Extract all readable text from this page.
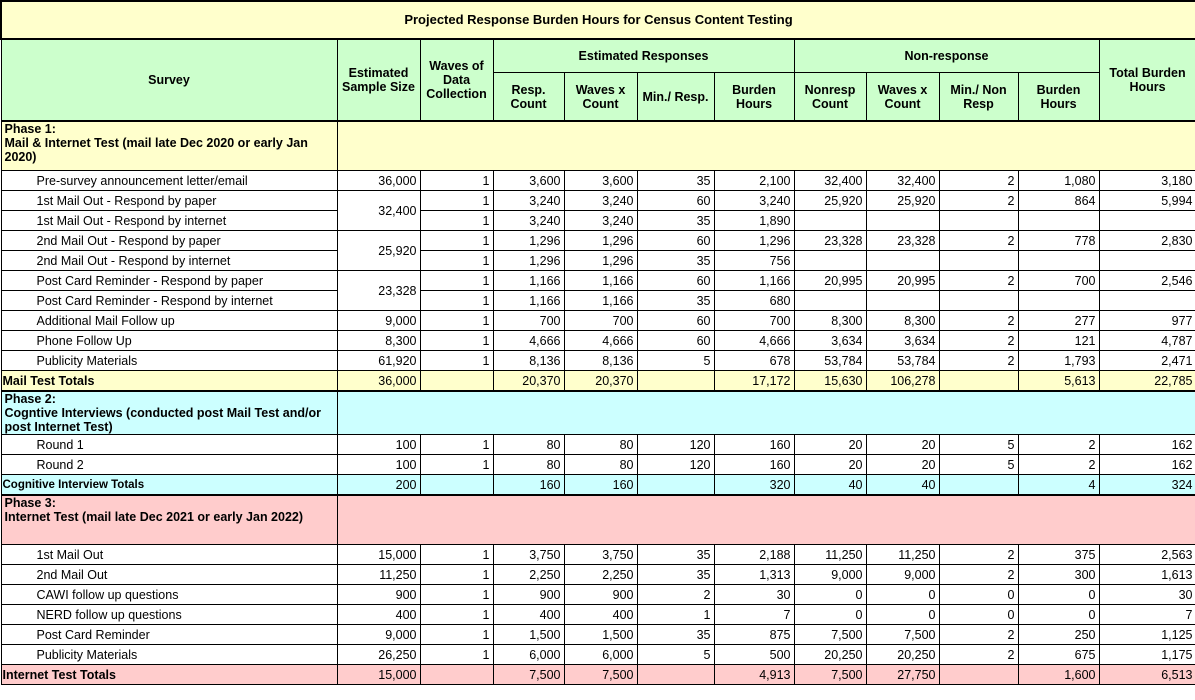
Projected Response Burden Hours for Census Content Testing											
Survey	Estimated Sample Size	Waves of Data Collection	Estimated Responses				Non-response				Total Burden Hours
			Resp. Count	Waves x Count	Min./ Resp.	Burden Hours	Nonresp Count	Waves x Count	Min./ Non Resp	Burden Hours	
Phase 1:
Mail & Internet Test (mail late Dec 2020 or early Jan 2020)											
Pre-survey announcement letter/email	36,000	1	3,600	3,600	35	2,100	32,400	32,400	2	1,080	3,180
1st Mail Out - Respond by paper	32,400	1	3,240	3,240	60	3,240	25,920	25,920	2	864	5,994
1st Mail Out - Respond by internet		1	3,240	3,240	35	1,890					
2nd Mail Out - Respond by paper	25,920	1	1,296	1,296	60	1,296	23,328	23,328	2	778	2,830
2nd Mail Out - Respond by internet		1	1,296	1,296	35	756					
Post Card Reminder - Respond by paper	23,328	1	1,166	1,166	60	1,166	20,995	20,995	2	700	2,546
Post Card Reminder - Respond by internet		1	1,166	1,166	35	680					
Additional Mail Follow up	9,000	1	700	700	60	700	8,300	8,300	2	277	977
Phone Follow Up	8,300	1	4,666	4,666	60	4,666	3,634	3,634	2	121	4,787
Publicity Materials	61,920	1	8,136	8,136	5	678	53,784	53,784	2	1,793	2,471
Mail Test Totals	36,000		20,370	20,370		17,172	15,630	106,278		5,613	22,785
Phase 2:
Cogntive Interviews (conducted post Mail Test and/or post Internet Test)											
Round 1	100	1	80	80	120	160	20	20	5	2	162
Round 2	100	1	80	80	120	160	20	20	5	2	162
Cognitive Interview Totals	200		160	160		320	40	40		4	324
Phase 3:
Internet Test (mail late Dec 2021 or early Jan 2022)											
1st Mail Out	15,000	1	3,750	3,750	35	2,188	11,250	11,250	2	375	2,563
2nd Mail Out	11,250	1	2,250	2,250	35	1,313	9,000	9,000	2	300	1,613
CAWI follow up questions	900	1	900	900	2	30	0	0	0	0	30
NERD follow up questions	400	1	400	400	1	7	0	0	0	0	7
Post Card Reminder	9,000	1	1,500	1,500	35	875	7,500	7,500	2	250	1,125
Publicity Materials	26,250	1	6,000	6,000	5	500	20,250	20,250	2	675	1,175
Internet Test Totals	15,000		7,500	7,500		4,913	7,500	27,750		1,600	6,513
